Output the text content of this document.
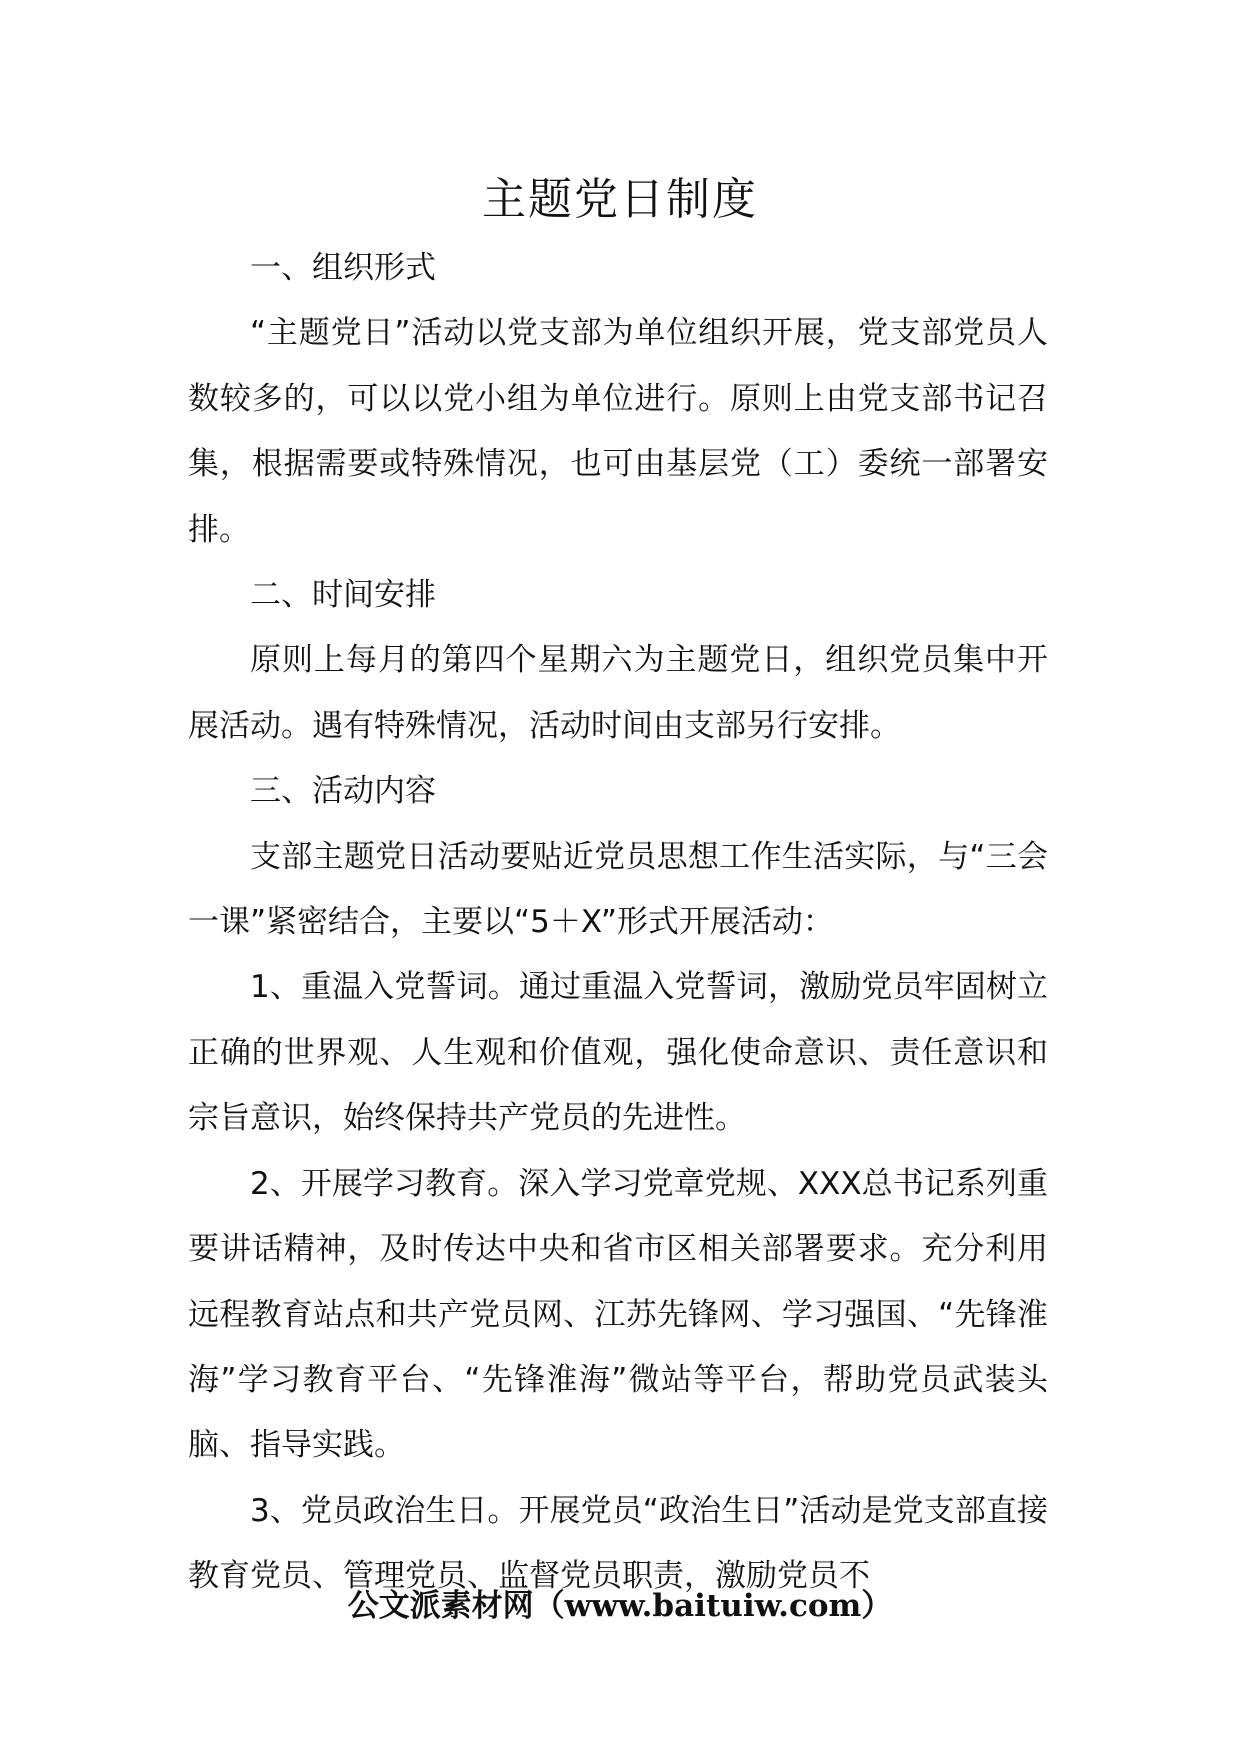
主题党日制度

一、组织形式

“主题党日”活动以党支部为单位组织开展，党支部党员人数较多的，可以以党小组为单位进行。原则上由党支部书记召集，根据需要或特殊情况，也可由基层党（工）委统一部署安排。

二、时间安排

原则上每月的第四个星期六为主题党日，组织党员集中开展活动。遇有特殊情况，活动时间由支部另行安排。

三、活动内容

支部主题党日活动要贴近党员思想工作生活实际，与“三会一课”紧密结合，主要以“5＋X”形式开展活动：

1、重温入党誓词。通过重温入党誓词，激励党员牢固树立正确的世界观、人生观和价值观，强化使命意识、责任意识和宗旨意识，始终保持共产党员的先进性。

2、开展学习教育。深入学习党章党规、XXX总书记系列重要讲话精神，及时传达中央和省市区相关部署要求。充分利用远程教育站点和共产党员网、江苏先锋网、学习强国、“先锋淮海”学习教育平台、“先锋淮海”微站等平台，帮助党员武装头脑、指导实践。

3、党员政治生日。开展党员“政治生日”活动是党支部直接教育党员、管理党员、监督党员职责，激励党员不

公文派素材网（www.baituiw.com）
